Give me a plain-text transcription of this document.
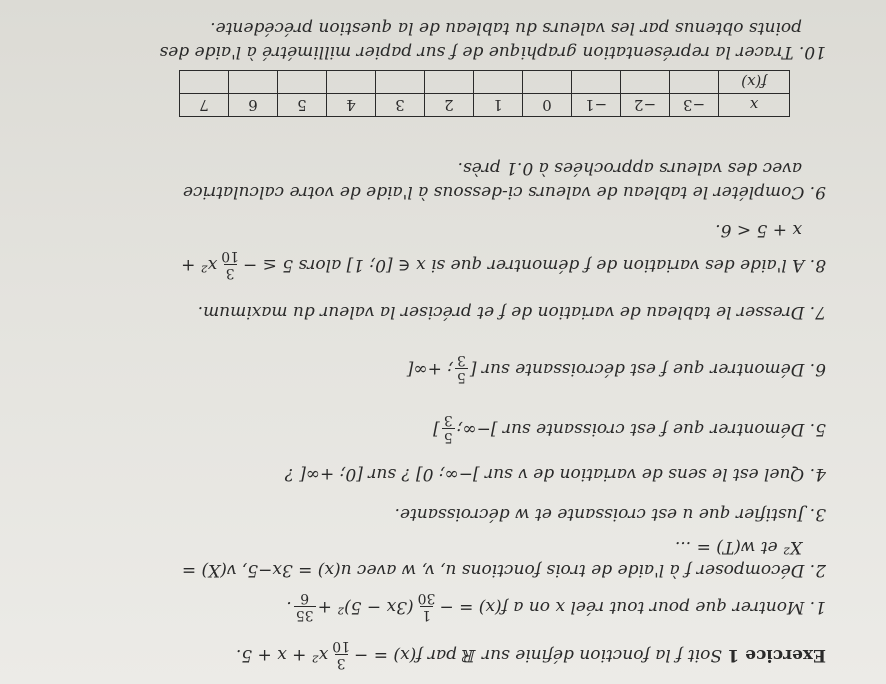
Exercice 1 Soit f la fonction définie sur ℝ par f(x) = −
3
10
x² + x + 5.
1. Montrer que pour tout réel x on a f(x) = −
1
30
(3x − 5)² +
35
6
.
2. Décomposer f à l'aide de trois fonctions u, v, w avec u(x) = 3x−5, v(X) =
X² et w(T) = ...
3. Justifier que u est croissante et w décroissante.
4. Quel est le sens de variation de v sur ]−∞; 0] ? sur [0; +∞[ ?
5. Démontrer que f est croissante sur ]−∞;
5
3
]
6. Démontrer que f est décroissante sur [
5
3
; +∞[
7. Dresser le tableau de variation de f et préciser la valeur du maximum.
8. A l'aide des variation de f démontrer que si x ∈ [0; 1] alors 5 ≤ −
3
10
x² +
x + 5 < 6.
9. Compléter le tableau de valeurs ci-dessous à l'aide de votre calculatrice
avec des valeurs approchées à 0.1 près.
x	−3	−2	−1	0	1	2	3	4	5	6	7
f(x)											
10. Tracer la représentation graphique de f sur papier millimétré à l'aide des
points obtenus par les valeurs du tableau de la question précédente.
